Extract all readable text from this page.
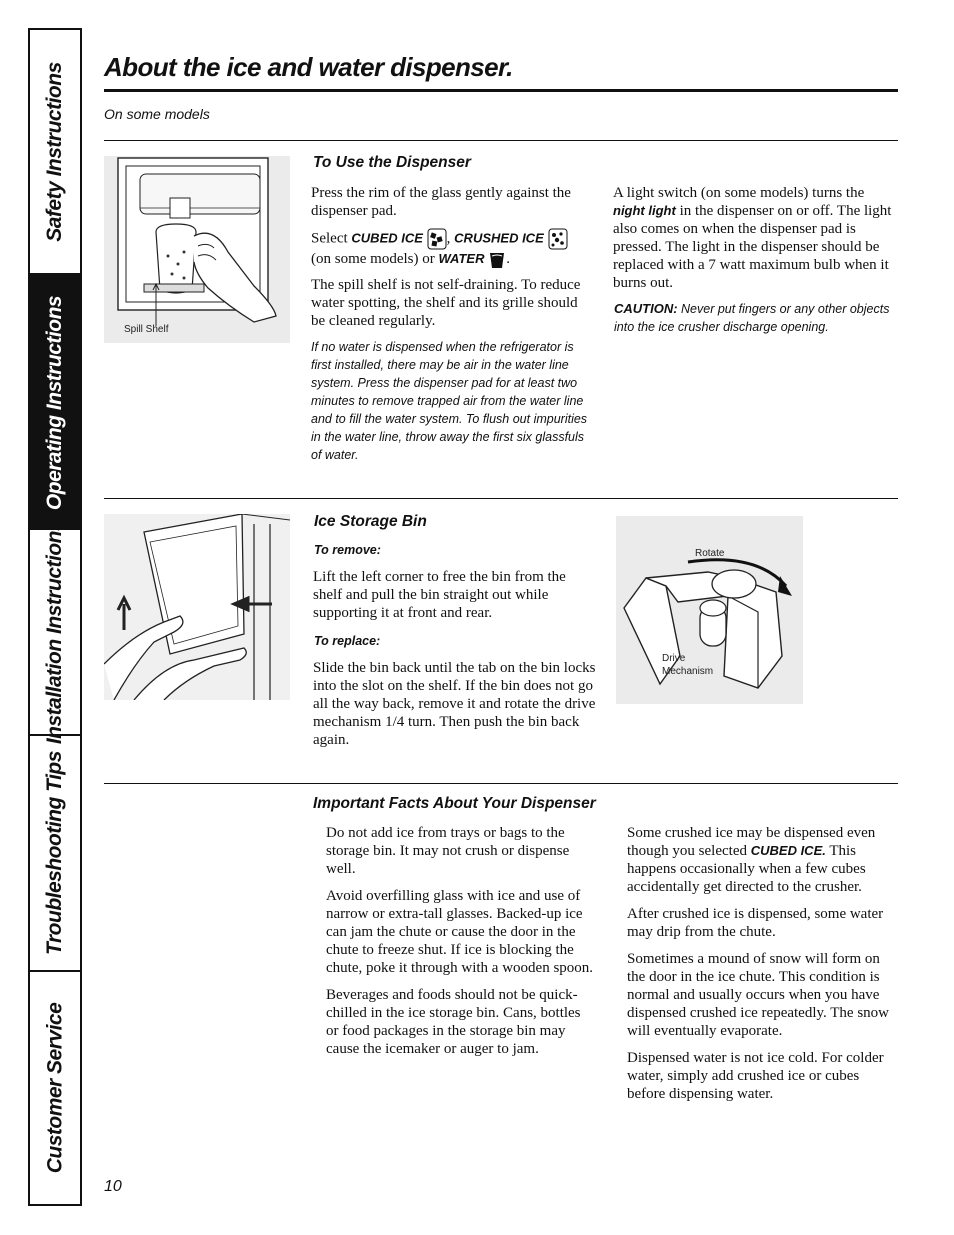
Safety Instructions
Operating Instructions
Installation Instructions
Troubleshooting Tips
Customer Service
About the ice and water dispenser.
On some models
Spill Shelf
To Use the Dispenser

Press the rim of the glass gently against the dispenser pad.

Select CUBED ICE , CRUSHED ICE
(on some models) or WATER .

The spill shelf is not self-draining. To reduce water spotting, the shelf and its grille should be cleaned regularly.

If no water is dispensed when the refrigerator is first installed, there may be air in the water line system. Press the dispenser pad for at least two minutes to remove trapped air from the water line and to fill the water system. To flush out impurities in the water line, throw away the first six glassfuls of water.

A light switch (on some models) turns the night light in the dispenser on or off. The light also comes on when the dispenser pad is pressed. The light in the dispenser should be replaced with a 7 watt maximum bulb when it burns out.

CAUTION: Never put fingers or any other objects into the ice crusher discharge opening.

Ice Storage Bin
To remove:

Lift the left corner to free the bin from the shelf and pull the bin straight out while supporting it at front and rear.

To replace:

Slide the bin back until the tab on the bin locks into the slot on the shelf. If the bin does not go all the way back, remove it and rotate the drive mechanism 1/4 turn. Then push the bin back again.

Rotate
Drive
Mechanism
Important Facts About Your Dispenser

Do not add ice from trays or bags to the storage bin. It may not crush or dispense well.

Avoid overfilling glass with ice and use of narrow or extra-tall glasses. Backed-up ice can jam the chute or cause the door in the chute to freeze shut. If ice is blocking the chute, poke it through with a wooden spoon.

Beverages and foods should not be quick-chilled in the ice storage bin. Cans, bottles or food packages in the storage bin may cause the icemaker or auger to jam.

Some crushed ice may be dispensed even though you selected CUBED ICE. This happens occasionally when a few cubes accidentally get directed to the crusher.

After crushed ice is dispensed, some water may drip from the chute.

Sometimes a mound of snow will form on the door in the ice chute. This condition is normal and usually occurs when you have dispensed crushed ice repeatedly. The snow will eventually evaporate.

Dispensed water is not ice cold. For colder water, simply add crushed ice or cubes before dispensing water.

10
